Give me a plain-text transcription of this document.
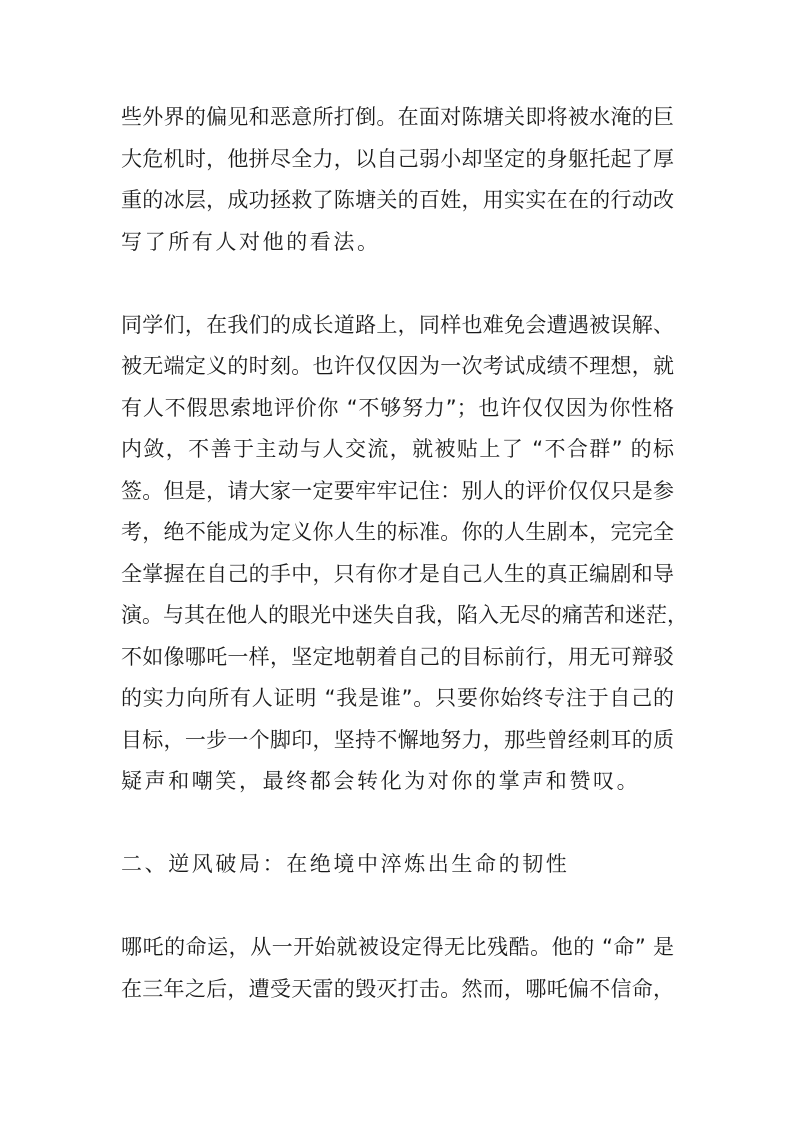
些外界的偏见和恶意所打倒。在面对陈塘关即将被水淹的巨
大危机时，他拼尽全力，以自己弱小却坚定的身躯托起了厚
重的冰层，成功拯救了陈塘关的百姓，用实实在在的行动改
写了所有人对他的看法。
同学们，在我们的成长道路上，同样也难免会遭遇被误解、
被无端定义的时刻。也许仅仅因为一次考试成绩不理想，就
有人不假思索地评价你 “不够努力”；也许仅仅因为你性格
内敛，不善于主动与人交流，就被贴上了 “不合群” 的标
签。但是，请大家一定要牢牢记住：别人的评价仅仅只是参
考，绝不能成为定义你人生的标准。你的人生剧本，完完全
全掌握在自己的手中，只有你才是自己人生的真正编剧和导
演。与其在他人的眼光中迷失自我，陷入无尽的痛苦和迷茫，
不如像哪吒一样，坚定地朝着自己的目标前行，用无可辩驳
的实力向所有人证明 “我是谁”。只要你始终专注于自己的
目标，一步一个脚印，坚持不懈地努力，那些曾经刺耳的质
疑声和嘲笑，最终都会转化为对你的掌声和赞叹。
二、逆风破局：在绝境中淬炼出生命的韧性
哪吒的命运，从一开始就被设定得无比残酷。他的 “命” 是
在三年之后，遭受天雷的毁灭打击。然而，哪吒偏不信命，
